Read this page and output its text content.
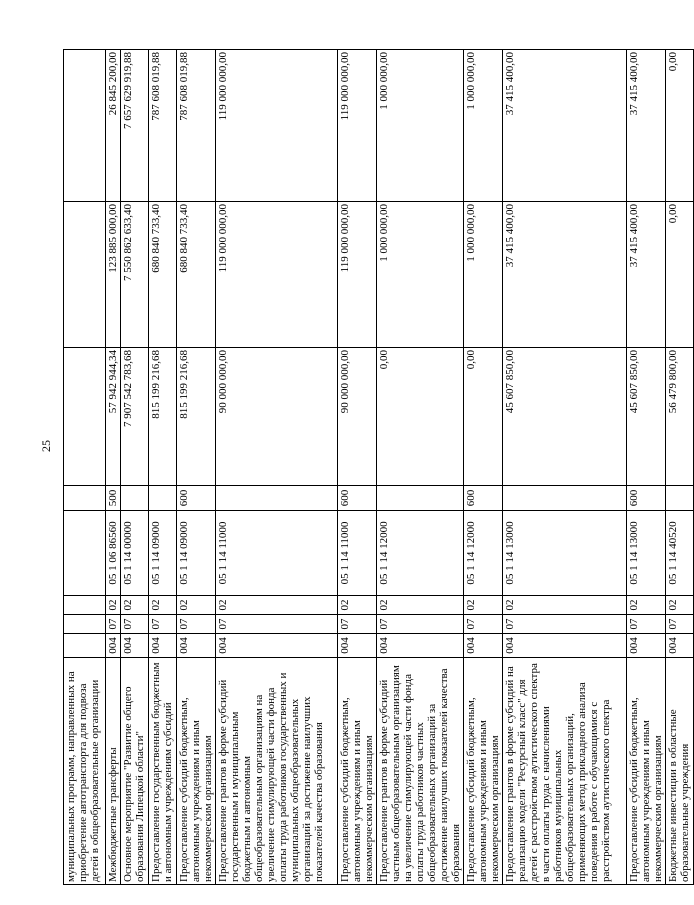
25
муниципальных программ, направленных на приобретение автотранспорта для подвоза детей в общеобразовательные организации								
Межбюджетные трансферты	004	07	02	05 1 06 86560	500	57 942 944,34	123 885 000,00	26 845 200,00
Основное мероприятие "Развитие общего образования Липецкой области"	004	07	02	05 1 14 00000		7 907 542 783,68	7 550 862 633,40	7 657 629 919,88
Предоставление государственным бюджетным и автономным учреждениям субсидий	004	07	02	05 1 14 09000		815 199 216,68	680 840 733,40	787 608 019,88
Предоставление субсидий бюджетным, автономным учреждениям и иным некоммерческим организациям	004	07	02	05 1 14 09000	600	815 199 216,68	680 840 733,40	787 608 019,88
Предоставление грантов в форме субсидий государственным и муниципальным бюджетным и автономным общеобразовательным организациям на увеличение стимулирующей части фонда оплаты труда работников государственных и муниципальных общеобразовательных организаций за достижение наилучших показателей качества образования	004	07	02	05 1 14 11000		90 000 000,00	119 000 000,00	119 000 000,00
Предоставление субсидий бюджетным, автономным учреждениям и иным некоммерческим организациям	004	07	02	05 1 14 11000	600	90 000 000,00	119 000 000,00	119 000 000,00
Предоставление грантов в форме субсидий частным общеобразовательным организациям на увеличение стимулирующей части фонда оплаты труда работников частных общеобразовательных организаций за достижение наилучших показателей качества образования	004	07	02	05 1 14 12000		0,00	1 000 000,00	1 000 000,00
Предоставление субсидий бюджетным, автономным учреждениям и иным некоммерческим организациям	004	07	02	05 1 14 12000	600	0,00	1 000 000,00	1 000 000,00
Предоставление грантов в форме субсидий на реализацию модели "Ресурсный класс" для детей с расстройством аутистического спектра в части оплаты труда с начислениями работников муниципальных общеобразовательных организаций, применяющих метод прикладного анализа поведения в работе с обучающимися с расстройством аутистического спектра	004	07	02	05 1 14 13000		45 607 850,00	37 415 400,00	37 415 400,00
Предоставление субсидий бюджетным, автономным учреждениям и иным некоммерческим организациям	004	07	02	05 1 14 13000	600	45 607 850,00	37 415 400,00	37 415 400,00
Бюджетные инвестиции в областные образовательные учреждения	004	07	02	05 1 14 40520		56 479 800,00	0,00	0,00
